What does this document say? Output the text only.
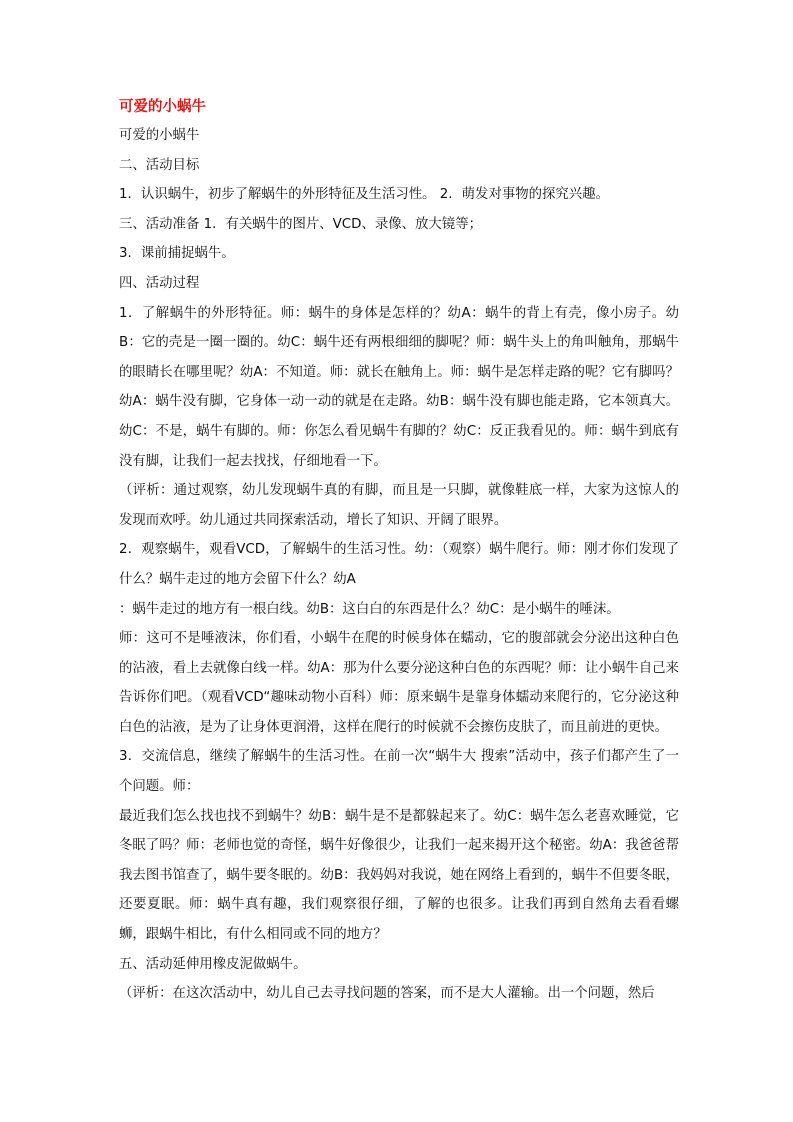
可爱的小蜗牛

可爱的小蜗牛

二、活动目标

1．认识蜗牛，初步了解蜗牛的外形特征及生活习性。 2．萌发对事物的探究兴趣。

三、活动准备 1．有关蜗牛的图片、VCD、录像、放大镜等；

3．课前捕捉蜗牛。

四、活动过程

1．了解蜗牛的外形特征。师：蜗牛的身体是怎样的？幼A：蜗牛的背上有壳，像小房子。幼B：它的壳是一圈一圈的。幼C：蜗牛还有两根细细的脚呢？师：蜗牛头上的角叫触角，那蜗牛的眼睛长在哪里呢？幼A：不知道。师：就长在触角上。师：蜗牛是怎样走路的呢？它有脚吗？幼A：蜗牛没有脚，它身体一动一动的就是在走路。幼B：蜗牛没有脚也能走路，它本领真大。幼C：不是，蜗牛有脚的。师：你怎么看见蜗牛有脚的？幼C：反正我看见的。师：蜗牛到底有没有脚，让我们一起去找找，仔细地看一下。

（评析：通过观察，幼儿发现蜗牛真的有脚，而且是一只脚，就像鞋底一样，大家为这惊人的发现而欢呼。幼儿通过共同探索活动，增长了知识、开阔了眼界。

2．观察蜗牛，观看VCD，了解蜗牛的生活习性。幼：（观察）蜗牛爬行。师：刚才你们发现了什么？蜗牛走过的地方会留下什么？幼A

：蜗牛走过的地方有一根白线。幼B：这白白的东西是什么？幼C：是小蜗牛的唾沫。

师：这可不是唾液沫，你们看，小蜗牛在爬的时候身体在蠕动，它的腹部就会分泌出这种白色的沾液，看上去就像白线一样。幼A：那为什么要分泌这种白色的东西呢？师：让小蜗牛自己来告诉你们吧。（观看VCD“趣味动物小百科）师：原来蜗牛是靠身体蠕动来爬行的，它分泌这种白色的沾液，是为了让身体更润滑，这样在爬行的时候就不会擦伤皮肤了，而且前进的更快。

3．交流信息，继续了解蜗牛的生活习性。在前一次“蜗牛大 搜索”活动中，孩子们都产生了一个问题。师：

最近我们怎么找也找不到蜗牛？幼B：蜗牛是不是都躲起来了。幼C：蜗牛怎么老喜欢睡觉，它冬眠了吗？师：老师也觉的奇怪，蜗牛好像很少，让我们一起来揭开这个秘密。幼A：我爸爸帮我去图书馆查了，蜗牛要冬眠的。幼B：我妈妈对我说，她在网络上看到的，蜗牛不但要冬眠，还要夏眠。师：蜗牛真有趣，我们观察很仔细，了解的也很多。让我们再到自然角去看看螺蛳，跟蜗牛相比，有什么相同或不同的地方？

五、活动延伸用橡皮泥做蜗牛。

（评析：在这次活动中，幼儿自己去寻找问题的答案，而不是大人灌输。出一个问题，然后
